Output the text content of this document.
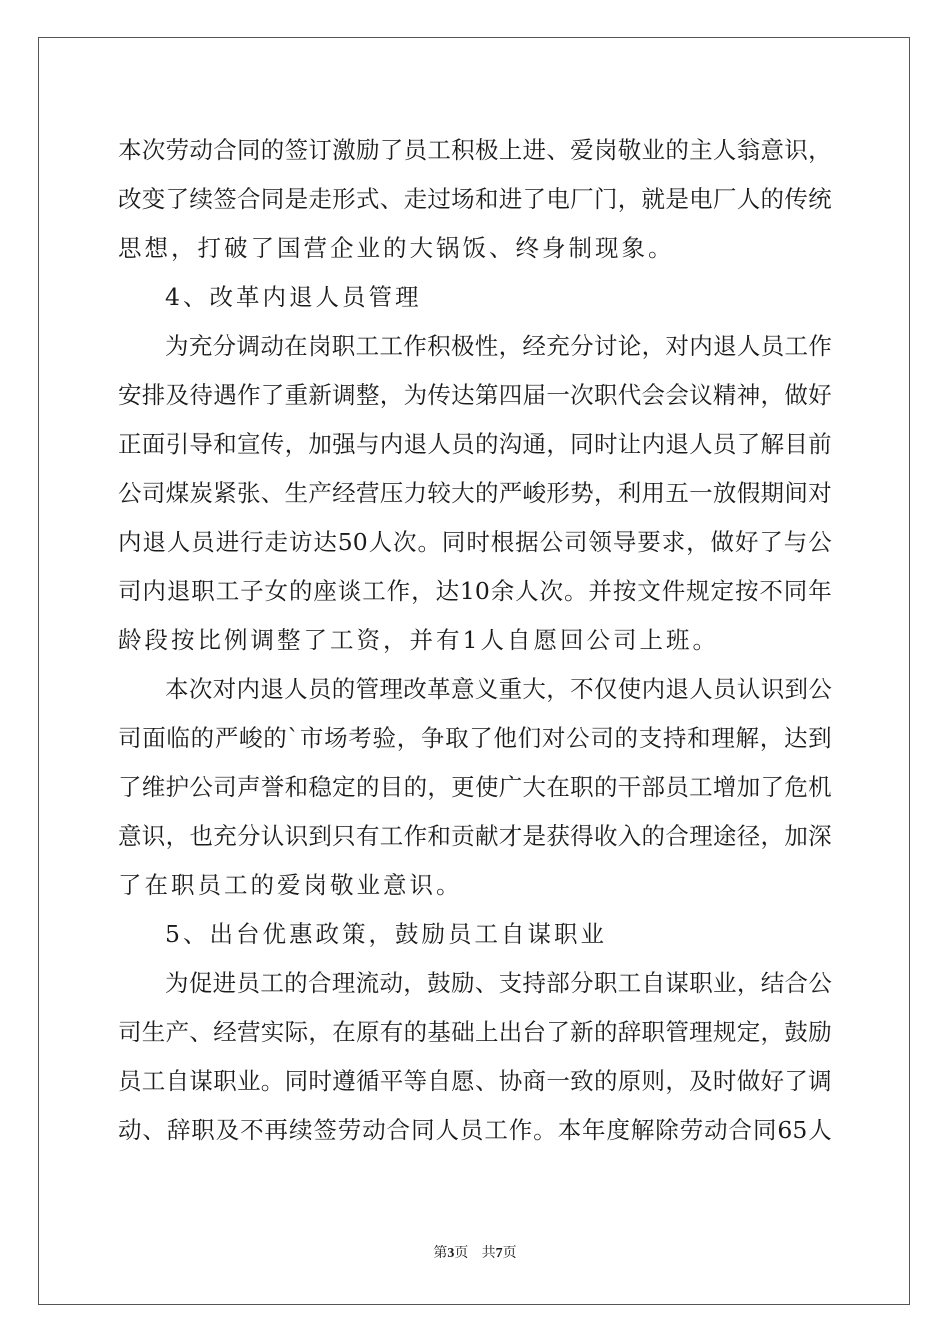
本 次 劳 动 合 同 的 签 订 激 励 了 员 工 积 极 上 进 、 爱 岗 敬 业 的 主 人 翁 意 识 ，
改 变 了 续 签 合 同 是 走 形 式 、 走 过 场 和 进 了 电 厂 门 ， 就 是 电 厂 人 的 传 统
思想，打破了国营企业的大锅饭、终身制现象。
4、改革内退人员管理
为 充 分 调 动 在 岗 职 工 工 作 积 极 性 ， 经 充 分 讨 论 ， 对 内 退 人 员 工 作
安 排 及 待 遇 作 了 重 新 调 整 ， 为 传 达 第 四 届 一 次 职 代 会 会 议 精 神 ， 做 好
正 面 引 导 和 宣 传 ， 加 强 与 内 退 人 员 的 沟 通 ， 同 时 让 内 退 人 员 了 解 目 前
公 司 煤 炭 紧 张 、 生 产 经 营 压 力 较 大 的 严 峻 形 势 ， 利 用 五 一 放 假 期 间 对
内 退 人 员 进 行 走 访 达 50 人 次 。 同 时 根 据 公 司 领 导 要 求 ， 做 好 了 与 公
司 内 退 职 工 子 女 的 座 谈 工 作 ， 达 10 余 人 次 。 并 按 文 件 规 定 按 不 同 年
龄段按比例调整了工资，并有1人自愿回公司上班。
本 次 对 内 退 人 员 的 管 理 改 革 意 义 重 大 ， 不 仅 使 内 退 人 员 认 识 到 公
司 面 临 的 严 峻 的 ` 市 场 考 验 ， 争 取 了 他 们 对 公 司 的 支 持 和 理 解 ， 达 到
了 维 护 公 司 声 誉 和 稳 定 的 目 的 ， 更 使 广 大 在 职 的 干 部 员 工 增 加 了 危 机
意 识 ， 也 充 分 认 识 到 只 有 工 作 和 贡 献 才 是 获 得 收 入 的 合 理 途 径 ， 加 深
了在职员工的爱岗敬业意识。
5、出台优惠政策，鼓励员工自谋职业
为 促 进 员 工 的 合 理 流 动 ， 鼓 励 、 支 持 部 分 职 工 自 谋 职 业 ， 结 合 公
司 生 产 、 经 营 实 际 ， 在 原 有 的 基 础 上 出 台 了 新 的 辞 职 管 理 规 定 ， 鼓 励
员 工 自 谋 职 业 。 同 时 遵 循 平 等 自 愿 、 协 商 一 致 的 原 则 ， 及 时 做 好 了 调
动 、 辞 职 及 不 再 续 签 劳 动 合 同 人 员 工 作 。 本 年 度 解 除 劳 动 合 同 65 人
第3页 共7页
